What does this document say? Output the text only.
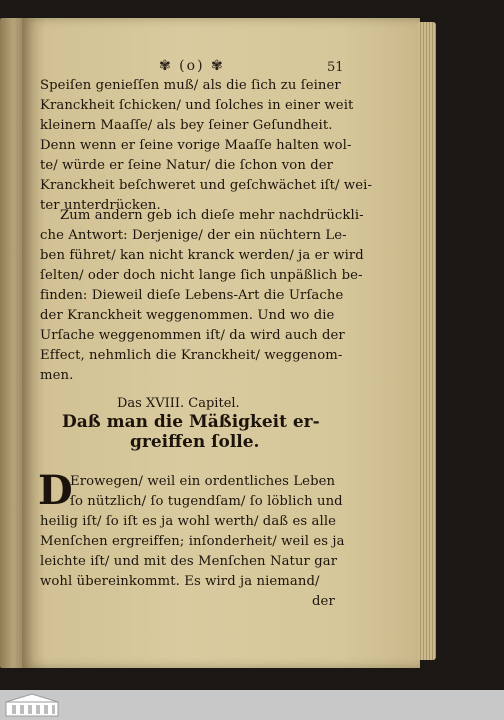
✾ (o) ✾	51
Speiſen genieſſen muß/ als die ſich zu ſeiner
Kranckheit ſchicken/ und ſolches in einer weit
kleinern Maaſſe/ als bey ſeiner Geſundheit.
Denn wenn er ſeine vorige Maaſſe halten wol-
te/ würde er ſeine Natur/ die ſchon von der
Kranckheit beſchweret und geſchwächet iſt/ wei-
ter unterdrücken.
Zum andern geb ich dieſe mehr nachdrückli-
che Antwort: Derjenige/ der ein nüchtern Le-
ben führet/ kan nicht kranck werden/ ja er wird
ſelten/ oder doch nicht lange ſich unpäßlich be-
finden: Dieweil dieſe Lebens-Art die Urſache
der Kranckheit weggenommen. Und wo die
Urſache weggenommen iſt/ da wird auch der
Effect, nehmlich die Kranckheit/ weggenom-
men.
Das XVIII. Capitel.
Daß man die Mäßigkeit er-
greiffen ſolle.
D
Erowegen/ weil ein ordentliches Leben
ſo nützlich/ ſo tugendſam/ ſo löblich und
heilig iſt/ ſo iſt es ja wohl werth/ daß es alle
Menſchen ergreiffen; inſonderheit/ weil es ja
leichte iſt/ und mit des Menſchen Natur gar
wohl übereinkommt. Es wird ja niemand/
der
